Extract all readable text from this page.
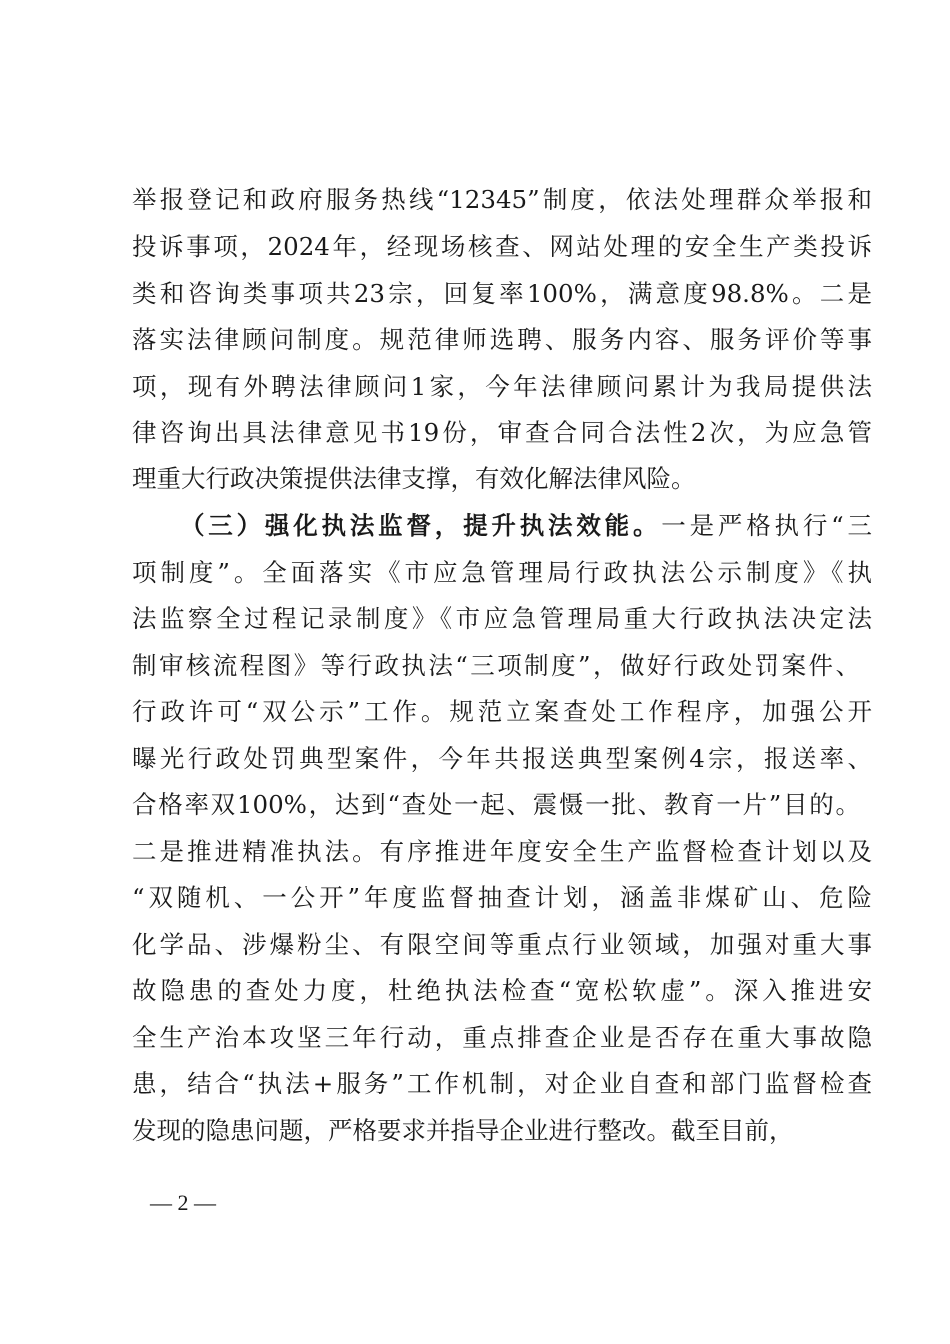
举报登记和政府服务热线“12345”制度，依法处理群众举报和
投诉事项，2024年，经现场核查、网站处理的安全生产类投诉
类和咨询类事项共23宗，回复率100%，满意度98.8%。二是
落实法律顾问制度。规范律师选聘、服务内容、服务评价等事
项，现有外聘法律顾问1家，今年法律顾问累计为我局提供法
律咨询出具法律意见书19份，审查合同合法性2次，为应急管
理重大行政决策提供法律支撑，有效化解法律风险。
（三）强化执法监督，提升执法效能。一是严格执行“三
项制度”。全面落实《市应急管理局行政执法公示制度》《执
法监察全过程记录制度》《市应急管理局重大行政执法决定法
制审核流程图》等行政执法“三项制度”，做好行政处罚案件、
行政许可“双公示”工作。规范立案查处工作程序，加强公开
曝光行政处罚典型案件，今年共报送典型案例4宗，报送率、
合格率双100%，达到“查处一起、震慑一批、教育一片”目的。
二是推进精准执法。有序推进年度安全生产监督检查计划以及
“双随机、一公开”年度监督抽查计划，涵盖非煤矿山、危险
化学品、涉爆粉尘、有限空间等重点行业领域，加强对重大事
故隐患的查处力度，杜绝执法检查“宽松软虚”。深入推进安
全生产治本攻坚三年行动，重点排查企业是否存在重大事故隐
患，结合“执法+服务”工作机制，对企业自查和部门监督检查
发现的隐患问题，严格要求并指导企业进行整改。截至目前，
— 2 —
